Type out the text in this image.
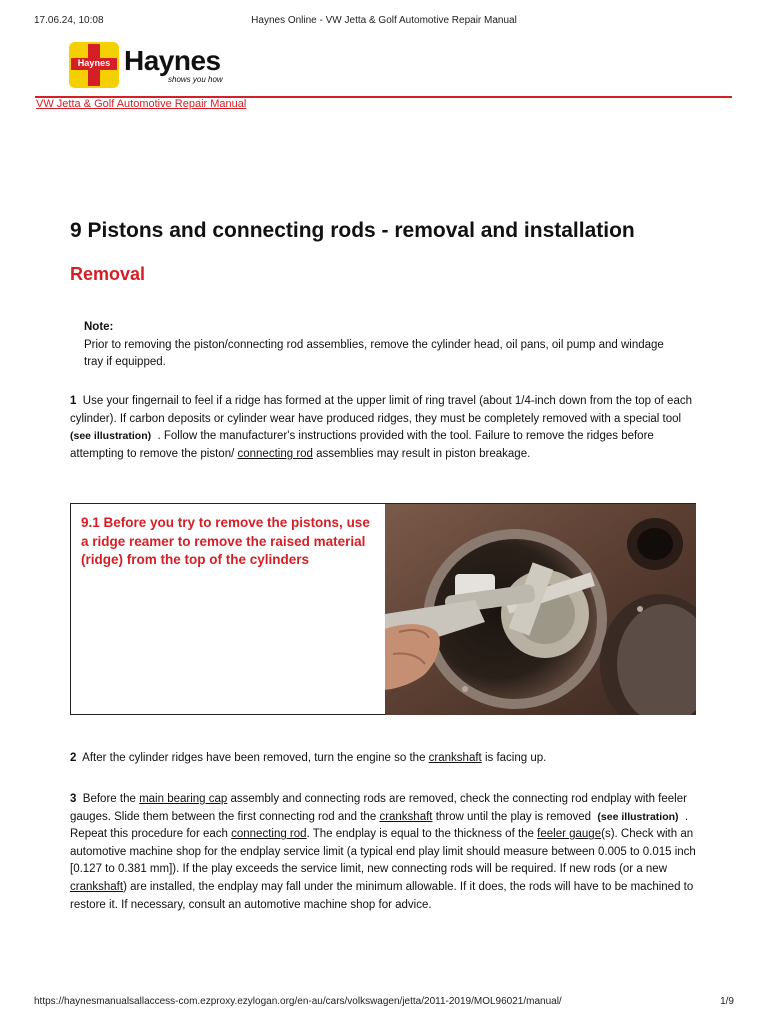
17.06.24, 10:08	Haynes Online - VW Jetta & Golf Automotive Repair Manual
Haynes Haynes
shows you how
VW Jetta & Golf Automotive Repair Manual
9 Pistons and connecting rods - removal and installation
Removal
Note:
Prior to removing the piston/connecting rod assemblies, remove the cylinder head, oil pans, oil pump and windage tray if equipped.

1 Use your fingernail to feel if a ridge has formed at the upper limit of ring travel (about 1/4-inch down from the top of each cylinder). If carbon deposits or cylinder wear have produced ridges, they must be completely removed with a special tool  (see illustration) . Follow the manufacturer's instructions provided with the tool. Failure to remove the ridges before attempting to remove the piston/ connecting rod assemblies may result in piston breakage.

9.1 Before you try to remove the pistons, use a ridge reamer to remove the raised material (ridge) from the top of the cylinders

2 After the cylinder ridges have been removed, turn the engine so the crankshaft is facing up.

3 Before the main bearing cap assembly and connecting rods are removed, check the connecting rod endplay with feeler gauges. Slide them between the first connecting rod and the crankshaft throw until the play is removed (see illustration) . Repeat this procedure for each connecting rod. The endplay is equal to the thickness of the feeler gauge(s). Check with an automotive machine shop for the endplay service limit (a typical end play limit should measure between 0.005 to 0.015 inch [0.127 to 0.381 mm]). If the play exceeds the service limit, new connecting rods will be required. If new rods (or a new crankshaft) are installed, the endplay may fall under the minimum allowable. If it does, the rods will have to be machined to restore it. If necessary, consult an automotive machine shop for advice.

https://haynesmanualsallaccess-com.ezproxy.ezylogan.org/en-au/cars/volkswagen/jetta/2011-2019/MOL96021/manual/	1/9
